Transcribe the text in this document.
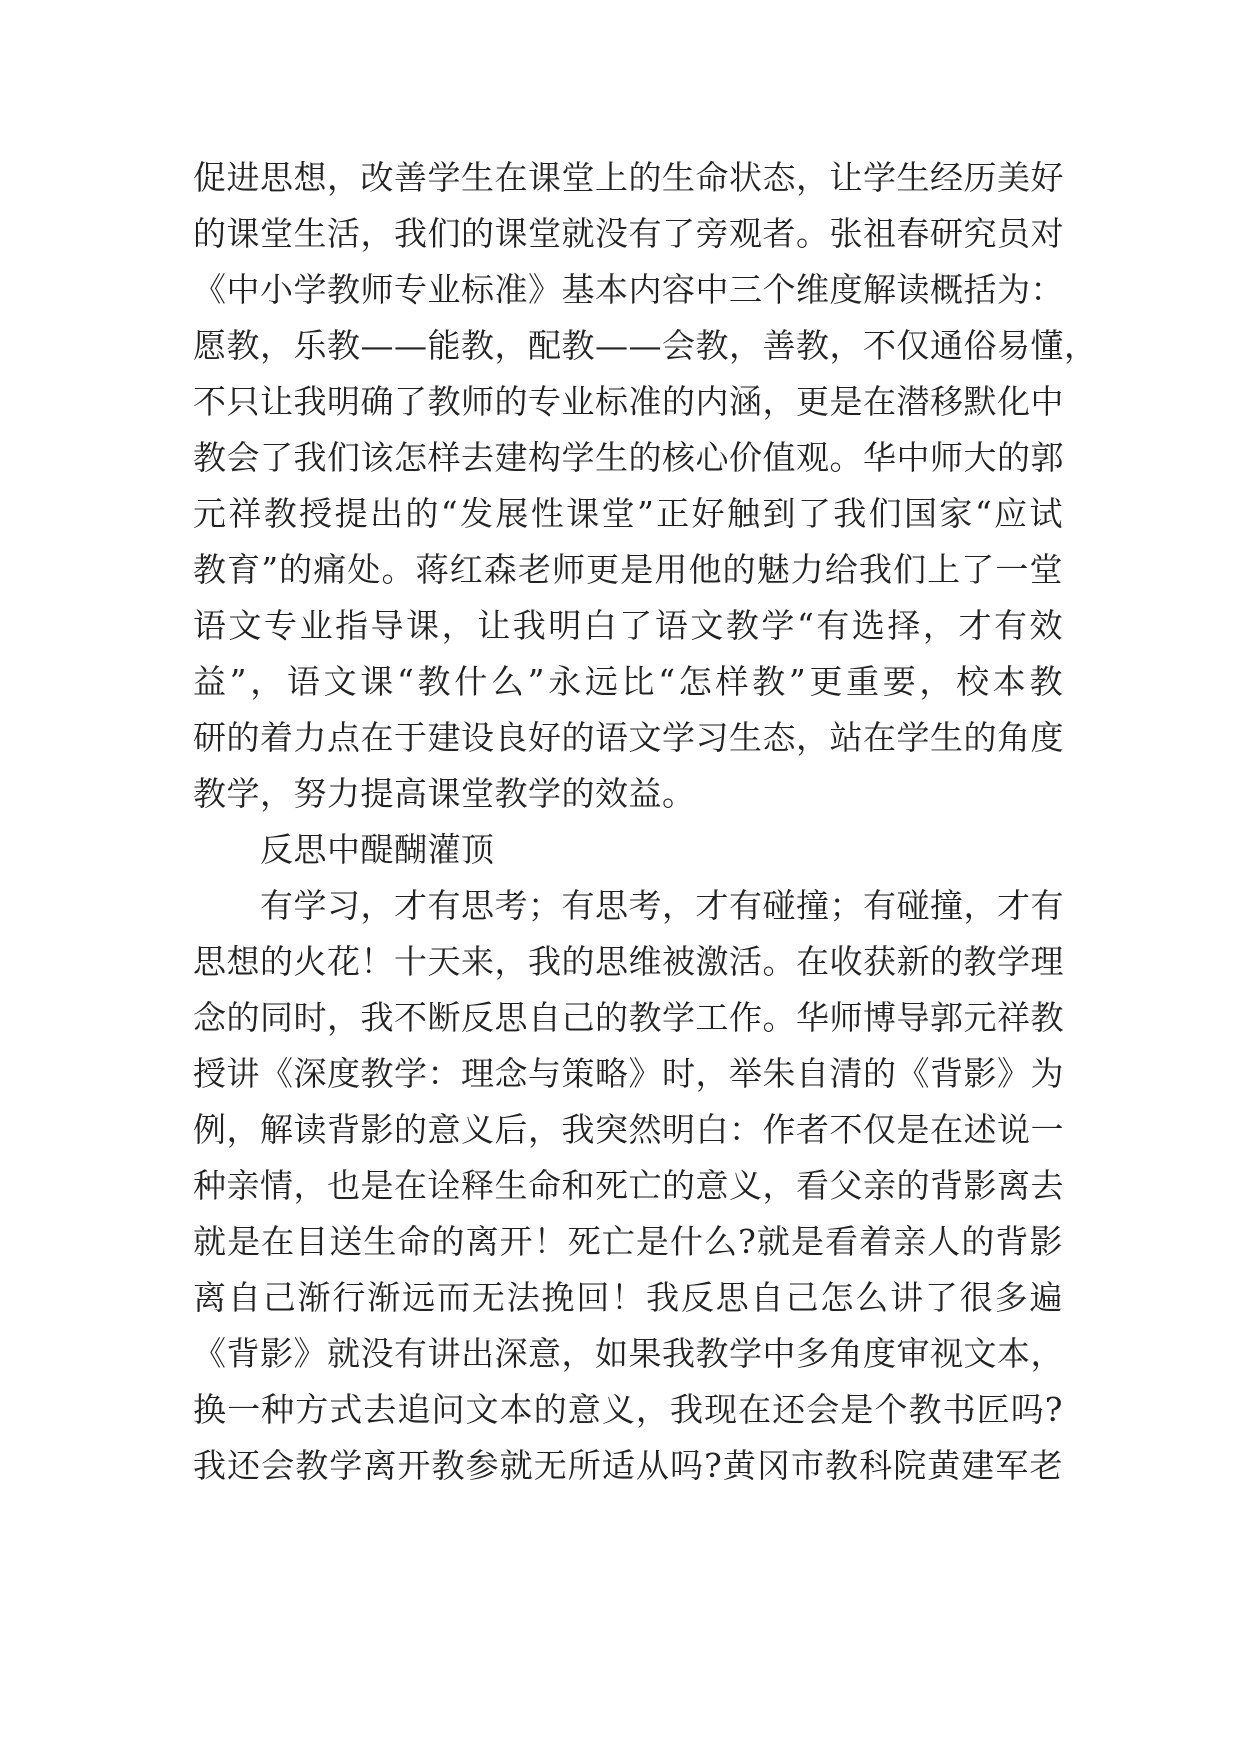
促进思想，改善学生在课堂上的生命状态，让学生经历美好
的课堂生活，我们的课堂就没有了旁观者。张祖春研究员对
《中小学教师专业标准》基本内容中三个维度解读概括为：
愿教，乐教——能教，配教——会教，善教，不仅通俗易懂，
不只让我明确了教师的专业标准的内涵，更是在潜移默化中
教会了我们该怎样去建构学生的核心价值观。华中师大的郭
元祥教授提出的“发展性课堂”正好触到了我们国家“应试
教育”的痛处。蒋红森老师更是用他的魅力给我们上了一堂
语文专业指导课，让我明白了语文教学“有选择，才有效
益”，语文课“教什么”永远比“怎样教”更重要，校本教
研的着力点在于建设良好的语文学习生态，站在学生的角度
教学，努力提高课堂教学的效益。
　　反思中醍醐灌顶
　　有学习，才有思考；有思考，才有碰撞；有碰撞，才有
思想的火花！十天来，我的思维被激活。在收获新的教学理
念的同时，我不断反思自己的教学工作。华师博导郭元祥教
授讲《深度教学：理念与策略》时，举朱自清的《背影》为
例，解读背影的意义后，我突然明白：作者不仅是在述说一
种亲情，也是在诠释生命和死亡的意义，看父亲的背影离去
就是在目送生命的离开！死亡是什么?就是看着亲人的背影
离自己渐行渐远而无法挽回！我反思自己怎么讲了很多遍
《背影》就没有讲出深意，如果我教学中多角度审视文本，
换一种方式去追问文本的意义，我现在还会是个教书匠吗?
我还会教学离开教参就无所适从吗?黄冈市教科院黄建军老
